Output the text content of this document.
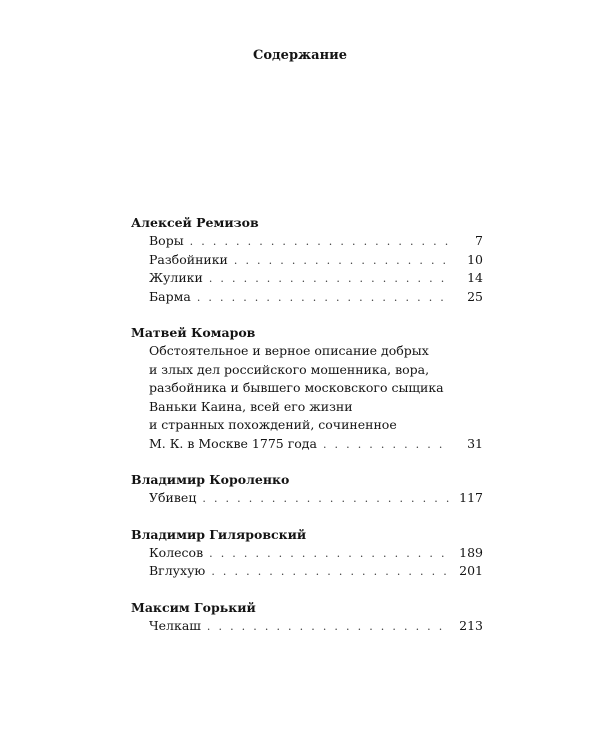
Содержание
Алексей Ремизов
Воры . . .	7
Разбойники . . .	10
Жулики . . .	14
Барма . . .	25
Матвей Комаров
Обстоятельное и верное описание добрых
и злых дел российского мошенника, вора,
разбойника и бывшего московского сыщика
Ваньки Каина, всей его жизни
и странных похождений, сочиненное
М. К. в Москве 1775 года . . .	31
Владимир Короленко
Убивец . . .	117
Владимир Гиляровский
Колесов . . .	189
Вглухую . . .	201
Максим Горький
Челкаш . . .	213
